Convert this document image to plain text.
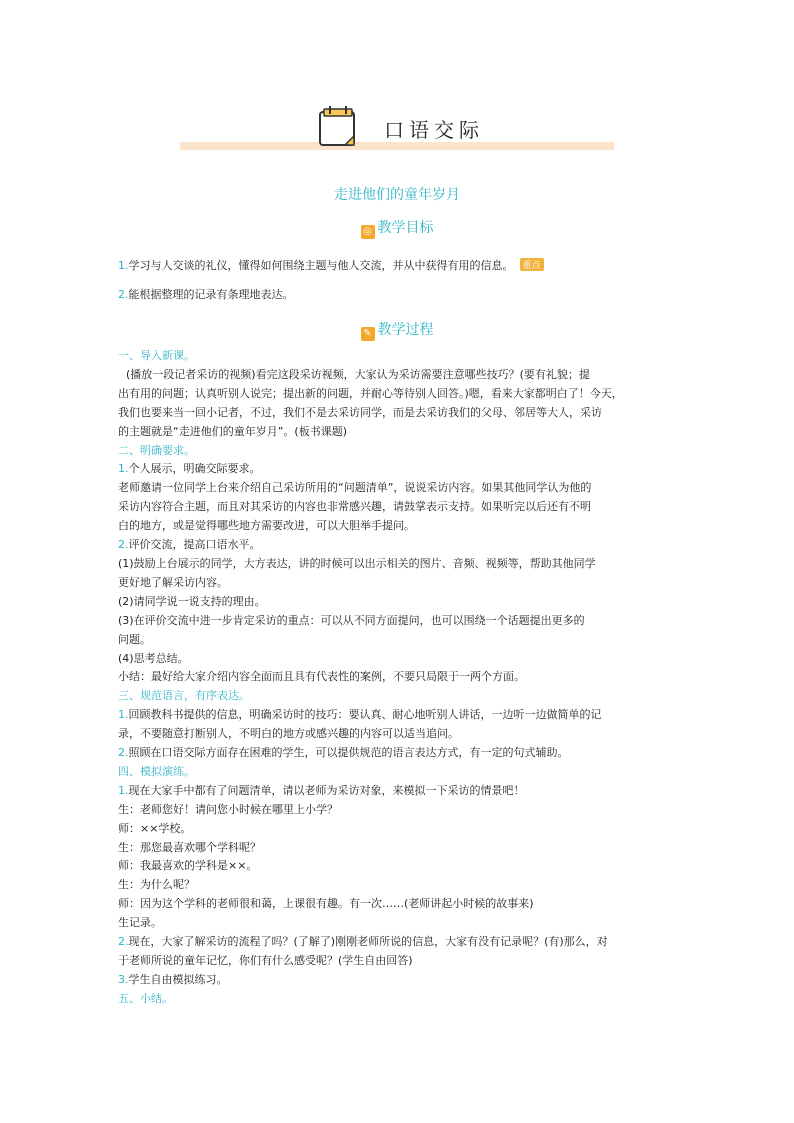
口语交际
走进他们的童年岁月
◎ 教学目标
1.学习与人交谈的礼仪，懂得如何围绕主题与他人交流，并从中获得有用的信息。 重点
2.能根据整理的记录有条理地表达。
✎ 教学过程

一、导入新课。

(播放一段记者采访的视频)看完这段采访视频，大家认为采访需要注意哪些技巧？(要有礼貌；提

出有用的问题；认真听别人说完；提出新的问题，并耐心等待别人回答。)嗯，看来大家都明白了！今天，

我们也要来当一回小记者，不过，我们不是去采访同学，而是去采访我们的父母、邻居等大人，采访

的主题就是“走进他们的童年岁月”。(板书课题)

二、明确要求。

1.个人展示，明确交际要求。

老师邀请一位同学上台来介绍自己采访所用的“问题清单”，说说采访内容。如果其他同学认为他的

采访内容符合主题，而且对其采访的内容也非常感兴趣，请鼓掌表示支持。如果听完以后还有不明

白的地方，或是觉得哪些地方需要改进，可以大胆举手提问。

2.评价交流，提高口语水平。

(1)鼓励上台展示的同学，大方表达，讲的时候可以出示相关的图片、音频、视频等，帮助其他同学

更好地了解采访内容。

(2)请同学说一说支持的理由。

(3)在评价交流中进一步肯定采访的重点：可以从不同方面提问，也可以围绕一个话题提出更多的

问题。

(4)思考总结。

小结：最好给大家介绍内容全面而且具有代表性的案例，不要只局限于一两个方面。

三、规范语言，有序表达。

1.回顾教科书提供的信息，明确采访时的技巧：要认真、耐心地听别人讲话，一边听一边做简单的记

录，不要随意打断别人，不明白的地方或感兴趣的内容可以适当追问。

2.照顾在口语交际方面存在困难的学生，可以提供规范的语言表达方式，有一定的句式辅助。

四、模拟演练。

1.现在大家手中都有了问题清单，请以老师为采访对象，来模拟一下采访的情景吧！

生：老师您好！请问您小时候在哪里上小学？

师：××学校。

生：那您最喜欢哪个学科呢？

师：我最喜欢的学科是××。

生：为什么呢？

师：因为这个学科的老师很和蔼，上课很有趣。有一次……(老师讲起小时候的故事来)

生记录。

2.现在，大家了解采访的流程了吗？(了解了)刚刚老师所说的信息，大家有没有记录呢？(有)那么，对

于老师所说的童年记忆，你们有什么感受呢？(学生自由回答)

3.学生自由模拟练习。

五、小结。
